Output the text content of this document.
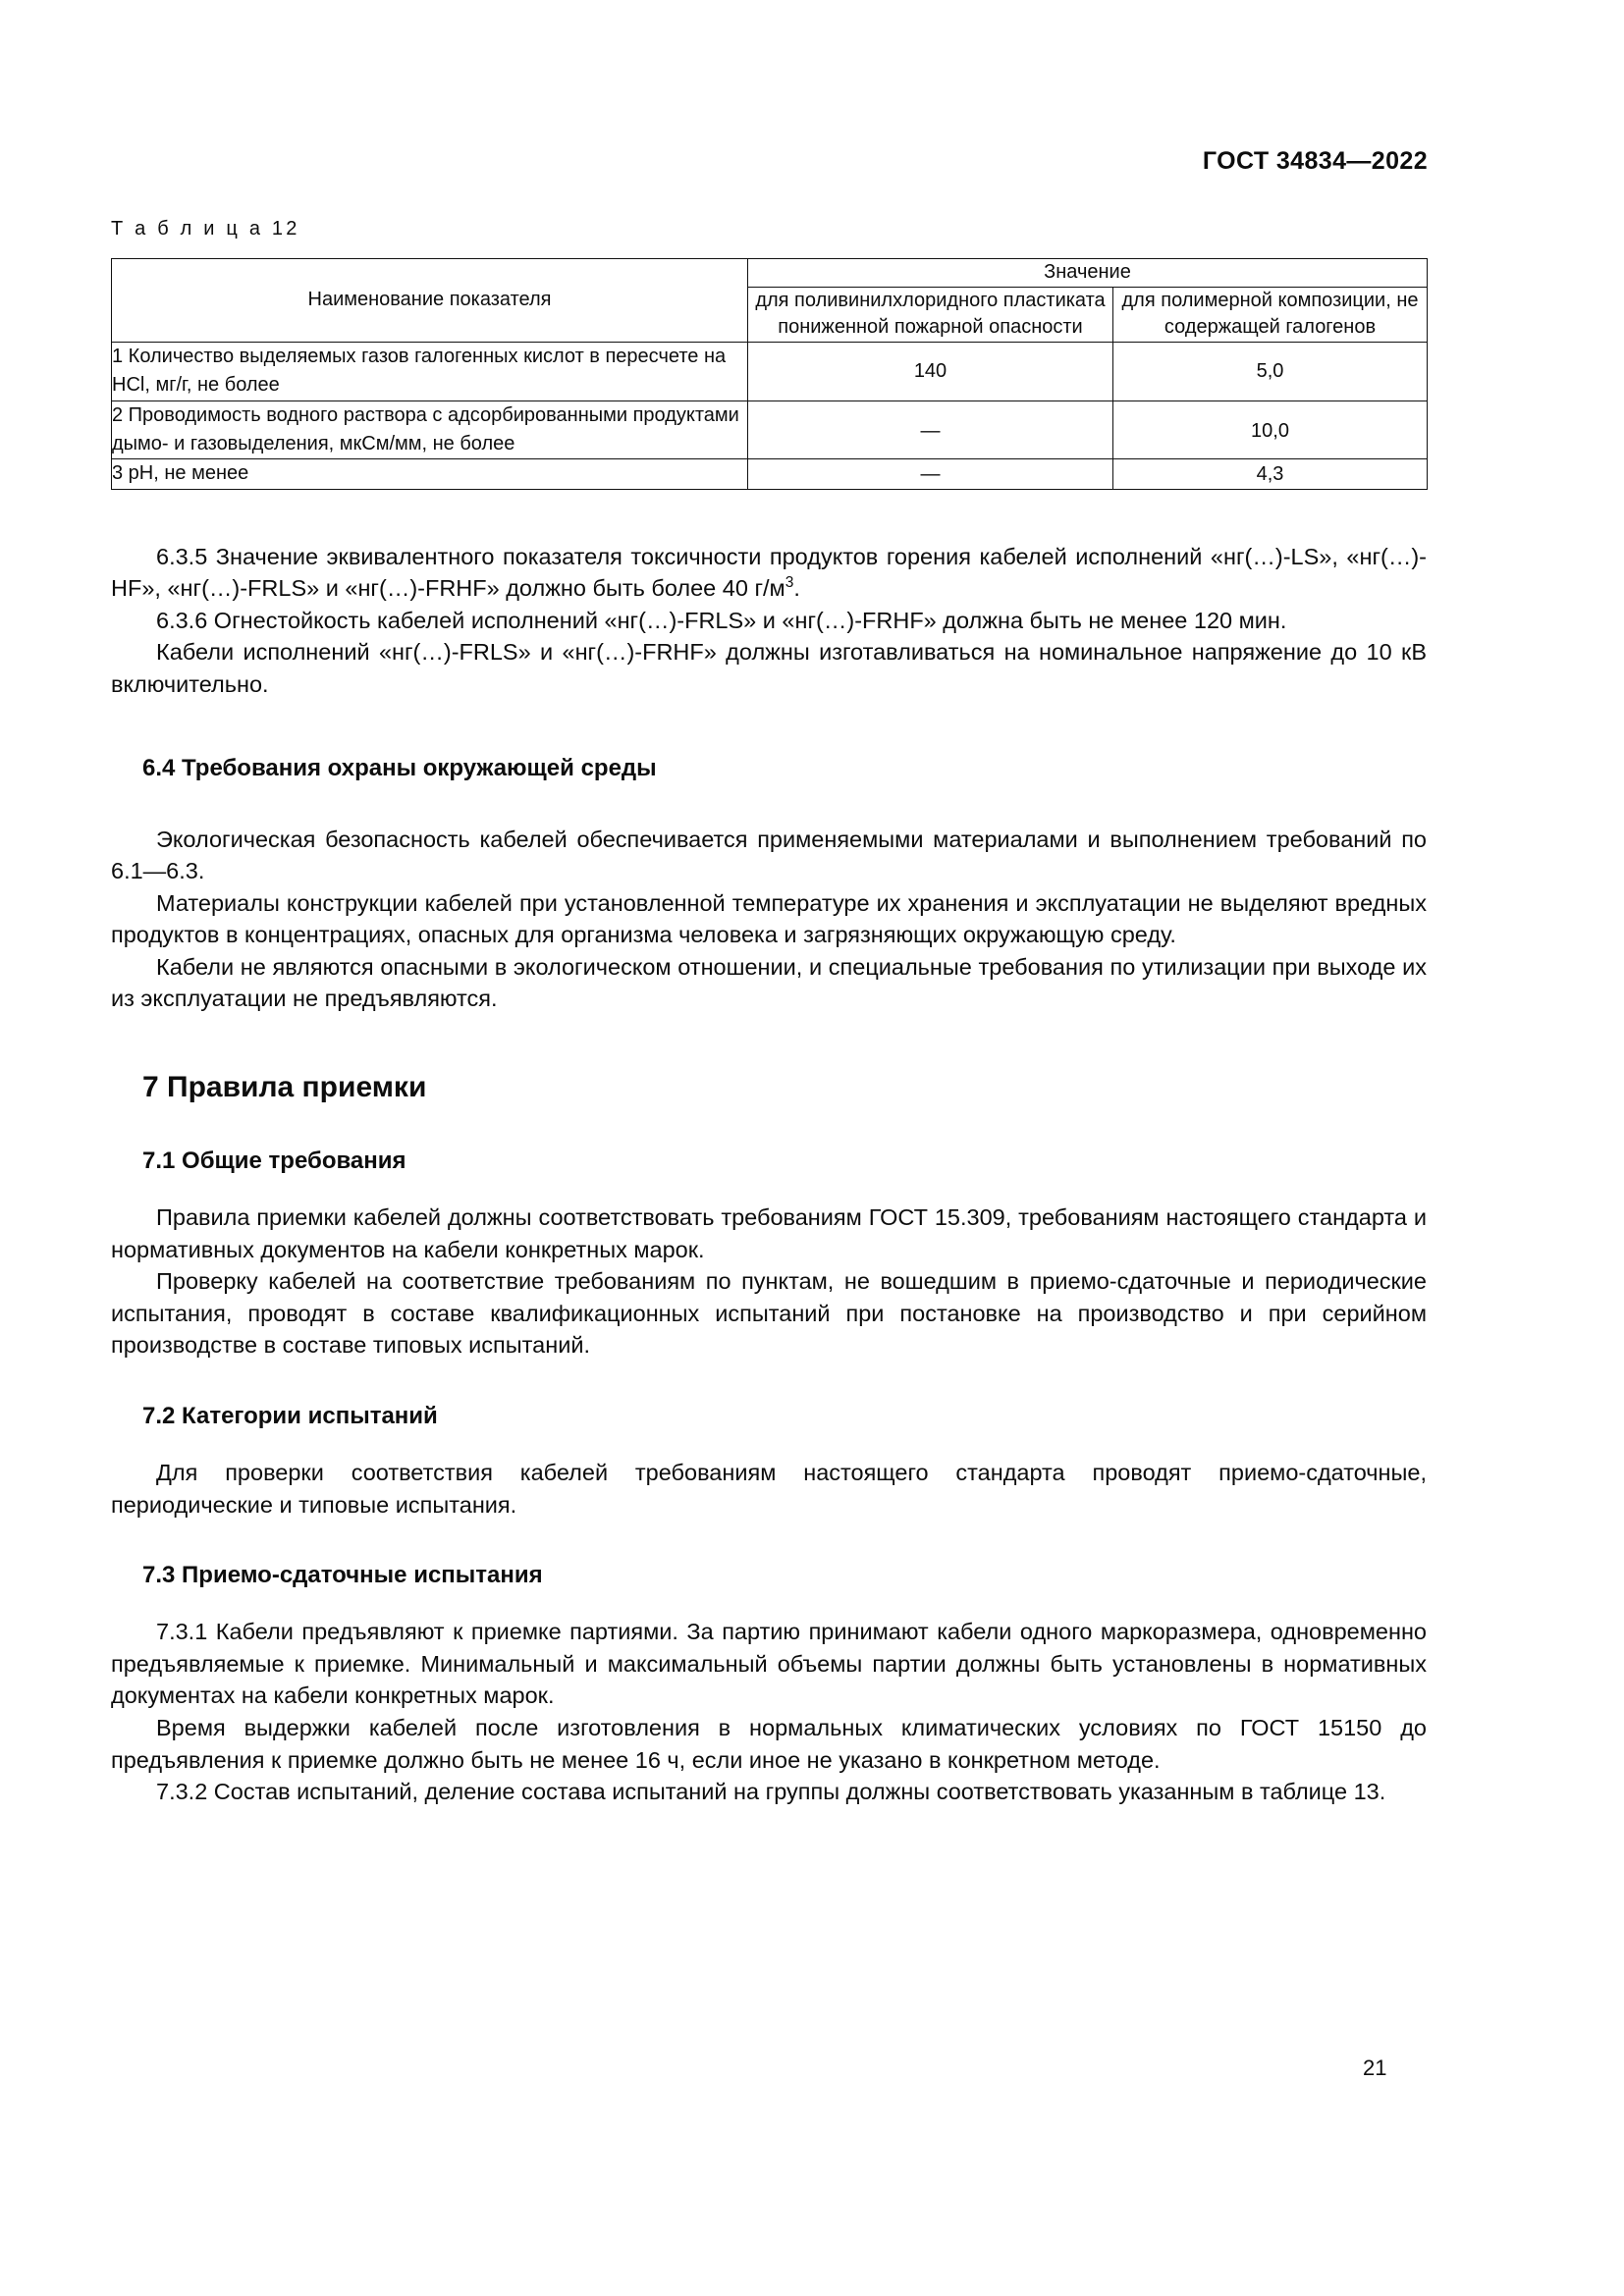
ГОСТ 34834—2022
Т а б л и ц а 12
Наименование показателя	Значение	
	для поливинилхлоридного пластиката пониженной пожарной опасности	для полимерной композиции, не содержащей галогенов
1 Количество выделяемых газов галогенных кислот в пересчете на HCl, мг/г, не более	140	5,0
2 Проводимость водного раствора с адсорбированными продуктами дымо- и газовыделения, мкСм/мм, не более	—	10,0
3 pH, не менее	—	4,3

6.3.5 Значение эквивалентного показателя токсичности продуктов горения кабелей исполнений «нг(…)-LS», «нг(…)-HF», «нг(…)-FRLS» и «нг(…)-FRHF» должно быть более 40 $г/м^3$.

6.3.6 Огнестойкость кабелей исполнений «нг(…)-FRLS» и «нг(…)-FRHF» должна быть не менее 120 мин.

Кабели исполнений «нг(…)-FRLS» и «нг(…)-FRHF» должны изготавливаться на номинальное напряжение до 10 кВ включительно.

6.4 Требования охраны окружающей среды

Экологическая безопасность кабелей обеспечивается применяемыми материалами и выполнением требований по 6.1—6.3.

Материалы конструкции кабелей при установленной температуре их хранения и эксплуатации не выделяют вредных продуктов в концентрациях, опасных для организма человека и загрязняющих окружающую среду.

Кабели не являются опасными в экологическом отношении, и специальные требования по утилизации при выходе их из эксплуатации не предъявляются.

7 Правила приемки
7.1 Общие требования

Правила приемки кабелей должны соответствовать требованиям ГОСТ 15.309, требованиям настоящего стандарта и нормативных документов на кабели конкретных марок.

Проверку кабелей на соответствие требованиям по пунктам, не вошедшим в приемо-сдаточные и периодические испытания, проводят в составе квалификационных испытаний при постановке на производство и при серийном производстве в составе типовых испытаний.

7.2 Категории испытаний

Для проверки соответствия кабелей требованиям настоящего стандарта проводят приемо-сдаточные, периодические и типовые испытания.

7.3 Приемо-сдаточные испытания

7.3.1 Кабели предъявляют к приемке партиями. За партию принимают кабели одного маркоразмера, одновременно предъявляемые к приемке. Минимальный и максимальный объемы партии должны быть установлены в нормативных документах на кабели конкретных марок.

Время выдержки кабелей после изготовления в нормальных климатических условиях по ГОСТ 15150 до предъявления к приемке должно быть не менее 16 ч, если иное не указано в конкретном методе.

7.3.2 Состав испытаний, деление состава испытаний на группы должны соответствовать указанным в таблице 13.

21
